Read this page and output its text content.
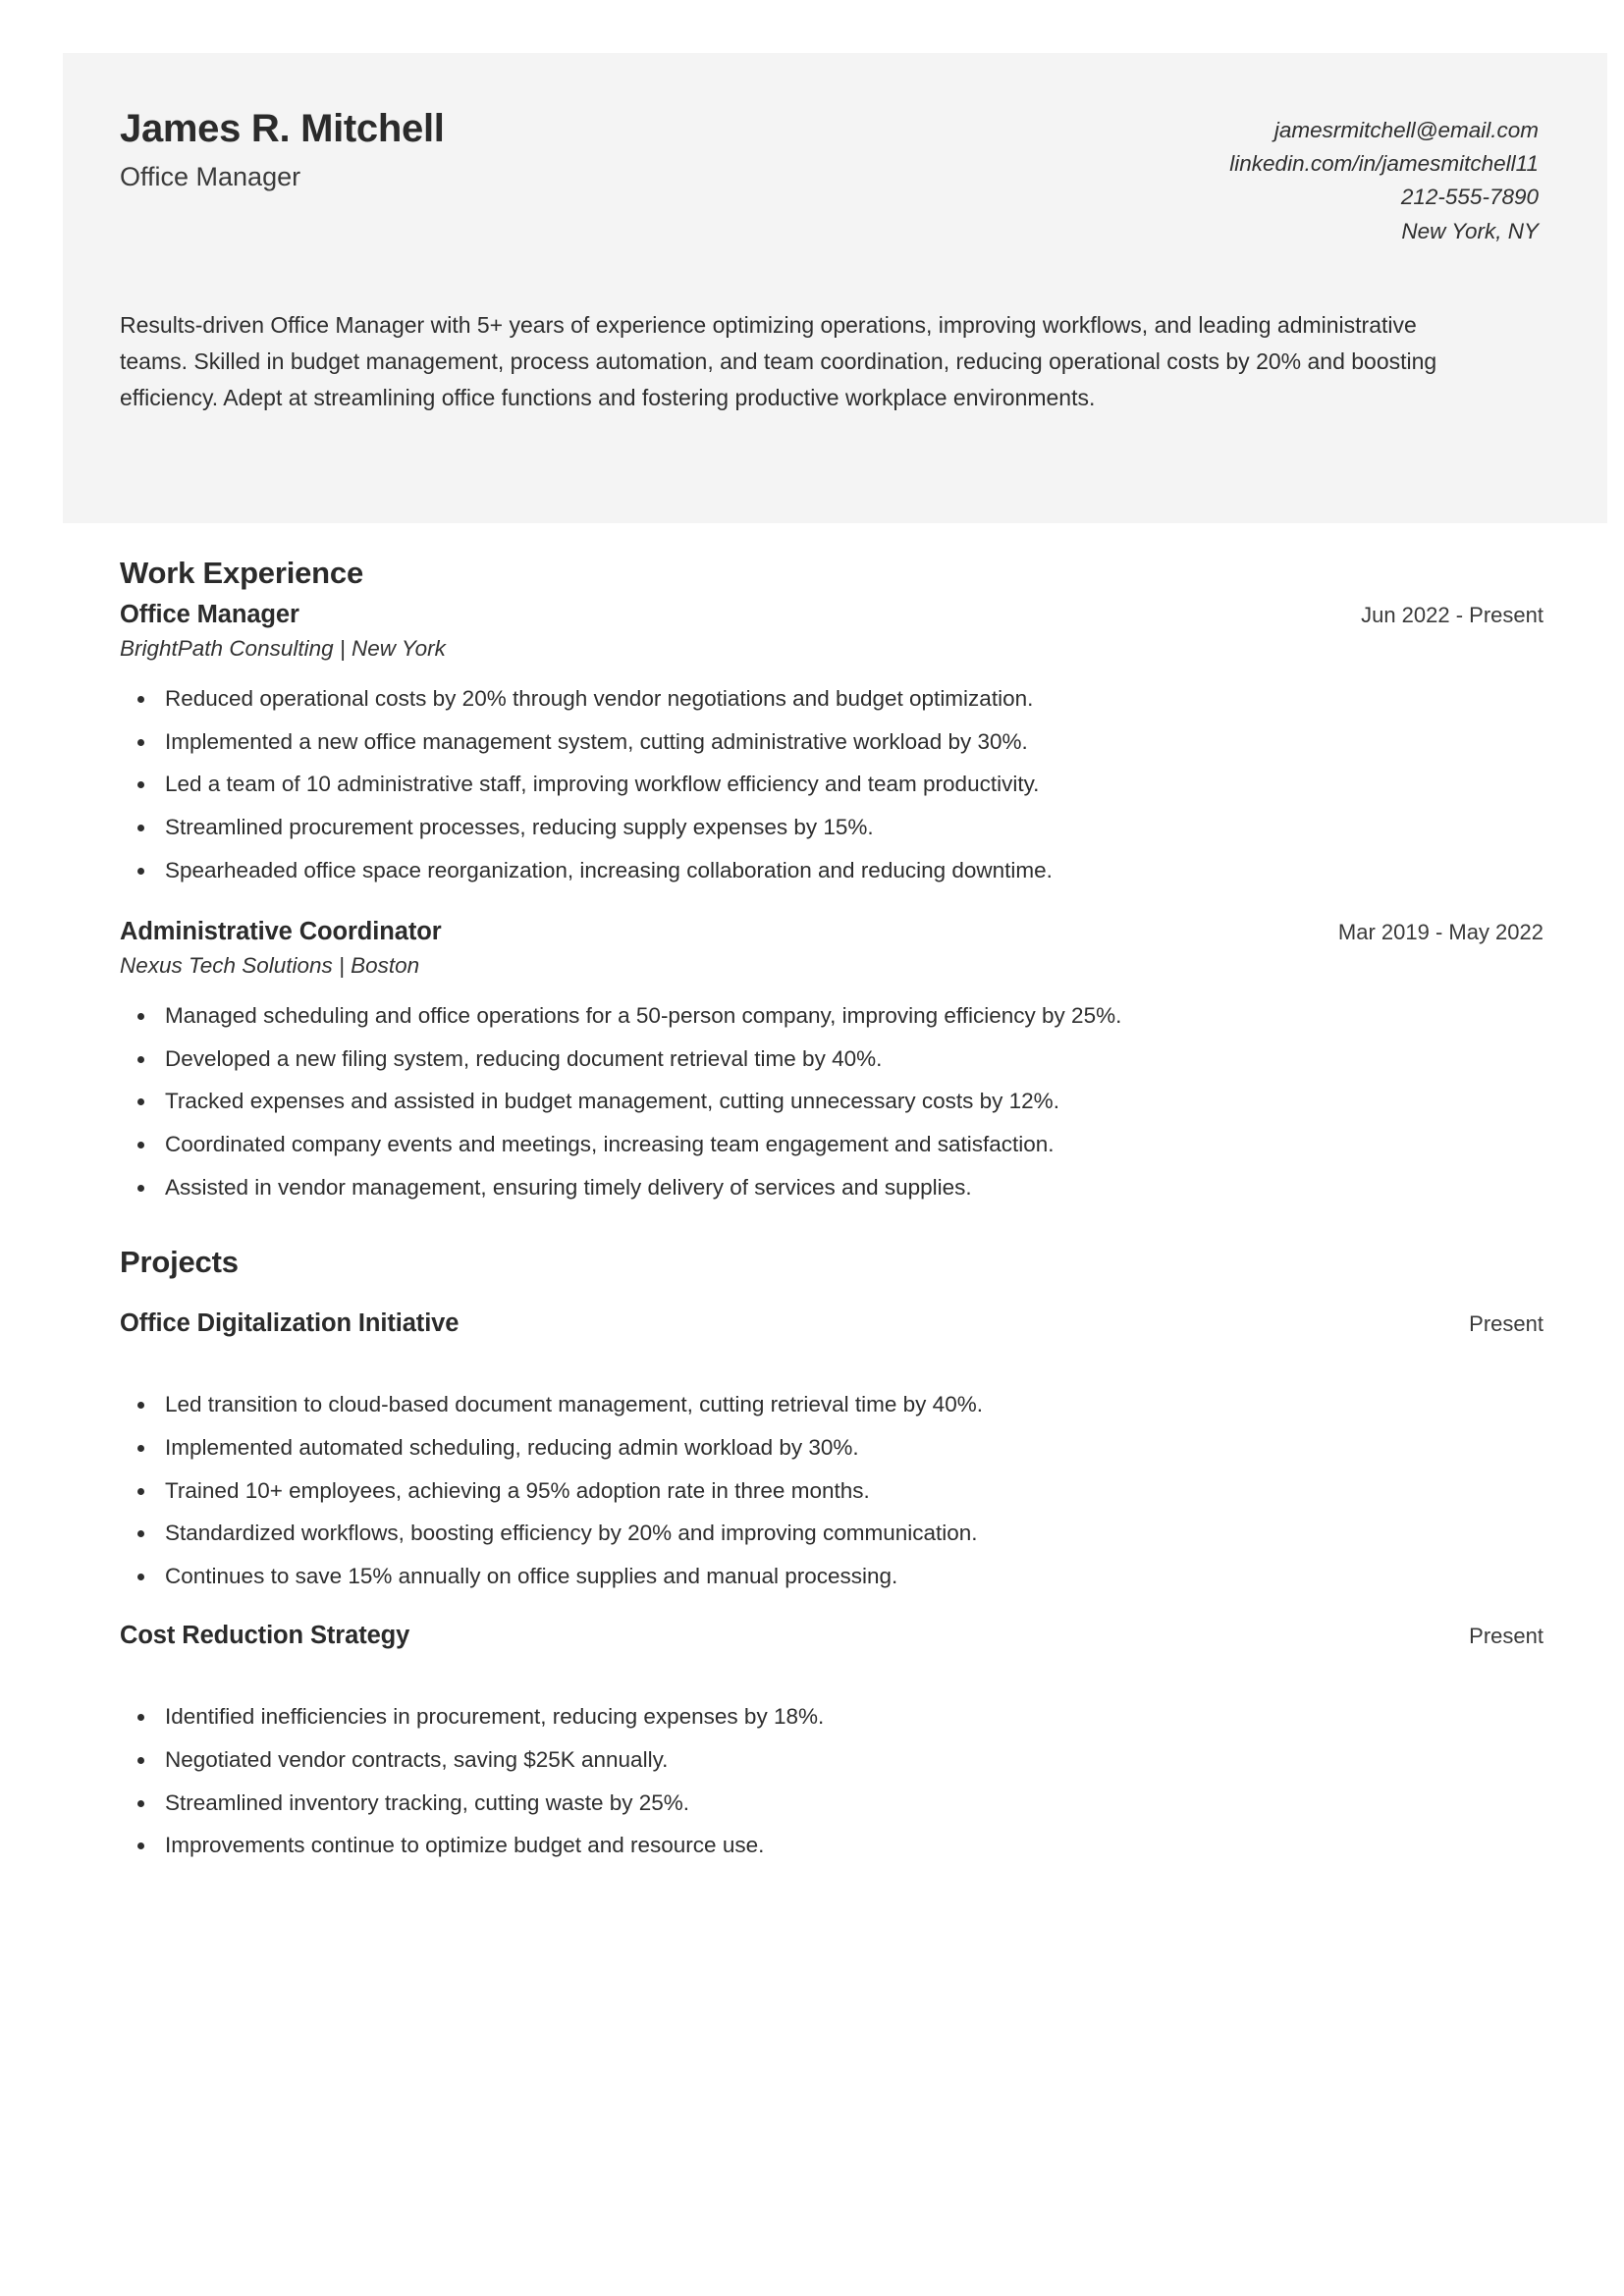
James R. Mitchell
Office Manager
jamesrmitchell@email.com
linkedin.com/in/jamesmitchell11
212-555-7890
New York, NY
Results-driven Office Manager with 5+ years of experience optimizing operations, improving workflows, and leading administrative teams. Skilled in budget management, process automation, and team coordination, reducing operational costs by 20% and boosting efficiency. Adept at streamlining office functions and fostering productive workplace environments.
Work Experience
Office Manager	Jun 2022 - Present
BrightPath Consulting | New York
Reduced operational costs by 20% through vendor negotiations and budget optimization.
Implemented a new office management system, cutting administrative workload by 30%.
Led a team of 10 administrative staff, improving workflow efficiency and team productivity.
Streamlined procurement processes, reducing supply expenses by 15%.
Spearheaded office space reorganization, increasing collaboration and reducing downtime.
Administrative Coordinator	Mar 2019 - May 2022
Nexus Tech Solutions | Boston
Managed scheduling and office operations for a 50-person company, improving efficiency by 25%.
Developed a new filing system, reducing document retrieval time by 40%.
Tracked expenses and assisted in budget management, cutting unnecessary costs by 12%.
Coordinated company events and meetings, increasing team engagement and satisfaction.
Assisted in vendor management, ensuring timely delivery of services and supplies.
Projects
Office Digitalization Initiative	Present
Led transition to cloud-based document management, cutting retrieval time by 40%.
Implemented automated scheduling, reducing admin workload by 30%.
Trained 10+ employees, achieving a 95% adoption rate in three months.
Standardized workflows, boosting efficiency by 20% and improving communication.
Continues to save 15% annually on office supplies and manual processing.
Cost Reduction Strategy	Present
Identified inefficiencies in procurement, reducing expenses by 18%.
Negotiated vendor contracts, saving $25K annually.
Streamlined inventory tracking, cutting waste by 25%.
Improvements continue to optimize budget and resource use.
